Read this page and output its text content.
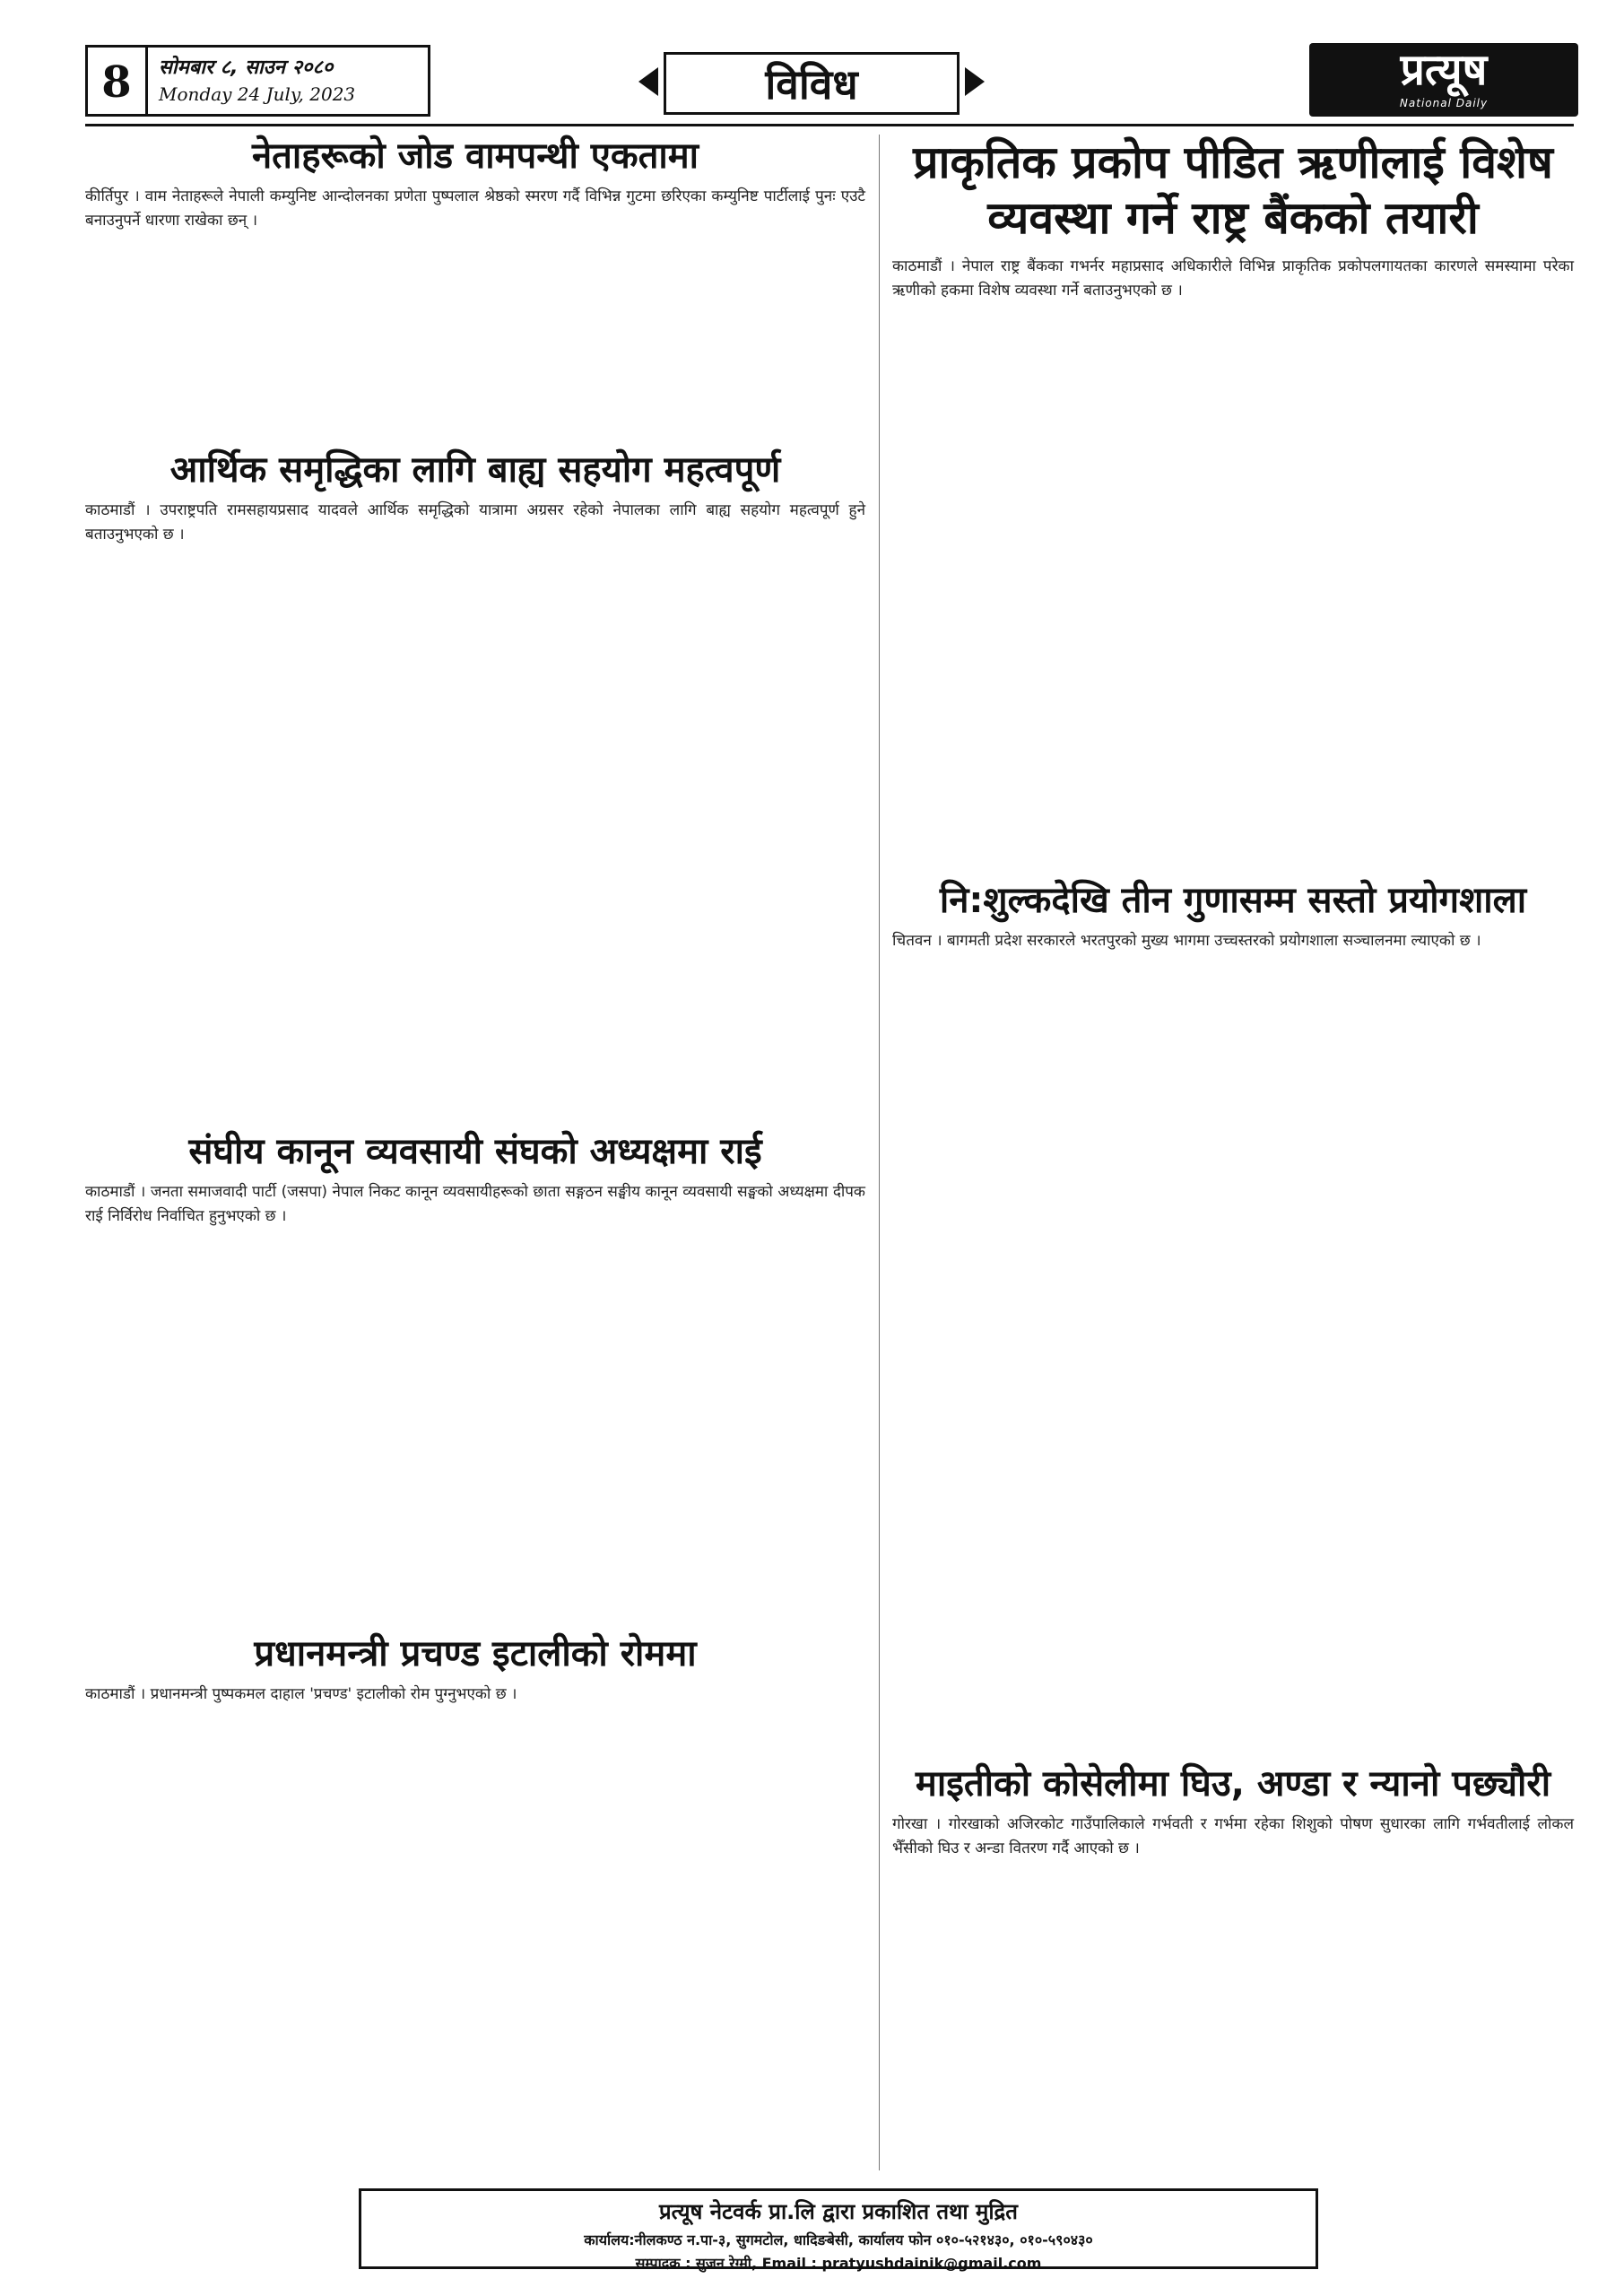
8	सोमबार ८, साउन २०८०
Monday 24 July, 2023	विविध	प्रत्यूष
National Daily
नेताहरूको जोड वामपन्थी एकतामा
कीर्तिपुर । वाम नेताहरूले नेपाली कम्युनिष्ट आन्दोलनका प्रणेता पुष्पलाल श्रेष्ठको स्मरण गर्दै विभिन्न गुटमा छरिएका कम्युनिष्ट पार्टीलाई पुनः एउटै बनाउनुपर्ने धारणा राखेका छन् ।
आर्थिक समृद्धिका लागि बाह्य सहयोग महत्वपूर्ण
काठमाडौं । उपराष्ट्रपति रामसहायप्रसाद यादवले आर्थिक समृद्धिको यात्रामा अग्रसर रहेको नेपालका लागि बाह्य सहयोग महत्वपूर्ण हुने बताउनुभएको छ ।
संघीय कानून व्यवसायी संघको अध्यक्षमा राई
काठमाडौं । जनता समाजवादी पार्टी (जसपा) नेपाल निकट कानून व्यवसायीहरूको छाता सङ्गठन सङ्घीय कानून व्यवसायी सङ्घको अध्यक्षमा दीपक राई निर्विरोध निर्वाचित हुनुभएको छ ।
प्रधानमन्त्री प्रचण्ड इटालीको रोममा
काठमाडौं । प्रधानमन्त्री पुष्पकमल दाहाल 'प्रचण्ड' इटालीको रोम पुग्नुभएको छ ।
प्राकृतिक प्रकोप पीडित ऋणीलाई विशेष व्यवस्था गर्ने राष्ट्र बैंकको तयारी
काठमाडौं । नेपाल राष्ट्र बैंकका गभर्नर महाप्रसाद अधिकारीले विभिन्न प्राकृतिक प्रकोपलगायतका कारणले समस्यामा परेका ऋणीको हकमा विशेष व्यवस्था गर्ने बताउनुभएको छ ।
नि:शुल्कदेखि तीन गुणासम्म सस्तो प्रयोगशाला
चितवन । बागमती प्रदेश सरकारले भरतपुरको मुख्य भागमा उच्चस्तरको प्रयोगशाला सञ्चालनमा ल्याएको छ ।
माइतीको कोसेलीमा घिउ, अण्डा र न्यानो पछ्यौरी
गोरखा । गोरखाको अजिरकोट गाउँपालिकाले गर्भवती र गर्भमा रहेका शिशुको पोषण सुधारका लागि गर्भवतीलाई लोकल भैँसीको घिउ र अन्डा वितरण गर्दै आएको छ ।
प्रत्यूष नेटवर्क प्रा.लि द्वारा प्रकाशित तथा मुद्रित
कार्यालय:नीलकण्ठ न.पा-३, सुगमटोल, धादिङबेसी, कार्यालय फोन ०१०-५२१४३०, ०१०-५९०४३०
सम्पादक : सुजन रेग्मी, Email : pratyushdainik@gmail.com
